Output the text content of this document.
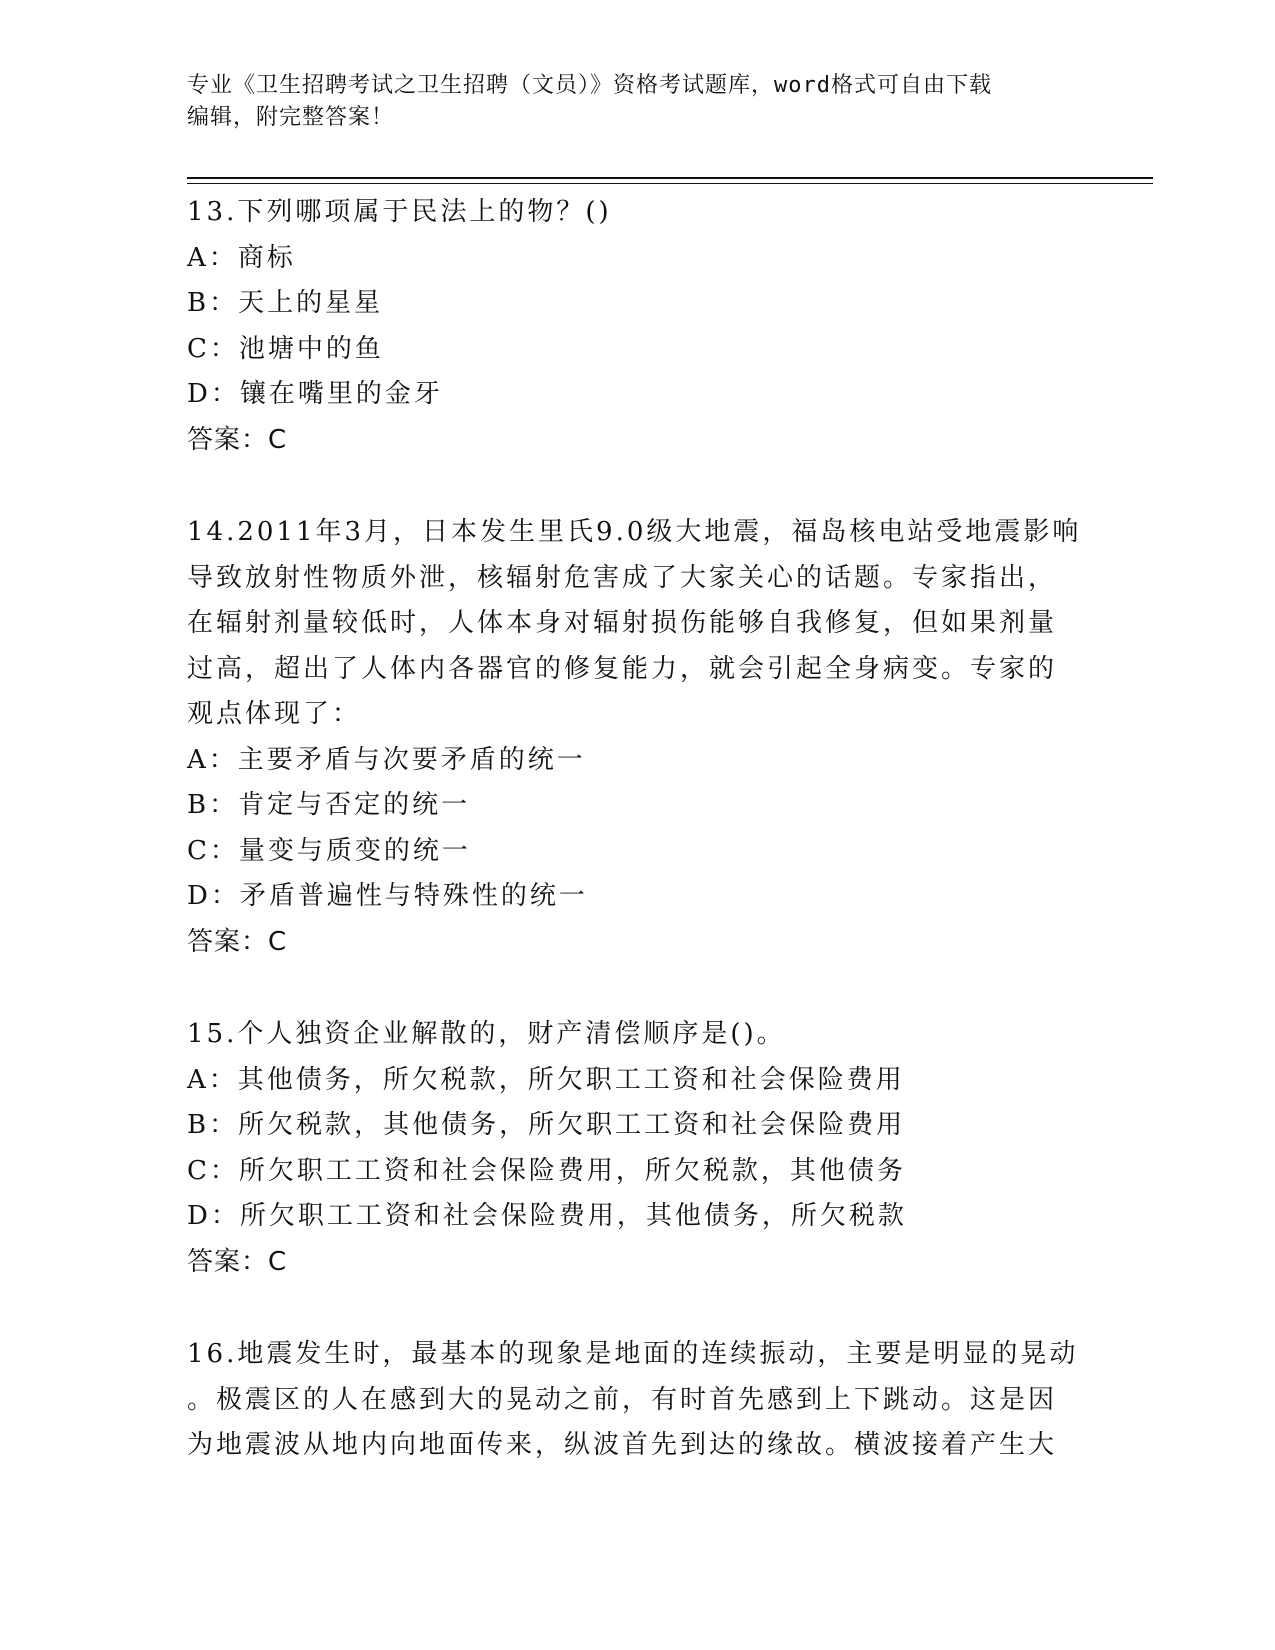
专业《卫生招聘考试之卫生招聘（文员）》资格考试题库，word格式可自由下载
编辑，附完整答案！
13.下列哪项属于民法上的物？()
A：商标
B：天上的星星
C：池塘中的鱼
D：镶在嘴里的金牙
答案：C
14.2011年3月，日本发生里氏9.0级大地震，福岛核电站受地震影响
导致放射性物质外泄，核辐射危害成了大家关心的话题。专家指出，
在辐射剂量较低时，人体本身对辐射损伤能够自我修复，但如果剂量
过高，超出了人体内各器官的修复能力，就会引起全身病变。专家的
观点体现了：
A：主要矛盾与次要矛盾的统一
B：肯定与否定的统一
C：量变与质变的统一
D：矛盾普遍性与特殊性的统一
答案：C
15.个人独资企业解散的，财产清偿顺序是()。
A：其他债务，所欠税款，所欠职工工资和社会保险费用
B：所欠税款，其他债务，所欠职工工资和社会保险费用
C：所欠职工工资和社会保险费用，所欠税款，其他债务
D：所欠职工工资和社会保险费用，其他债务，所欠税款
答案：C
16.地震发生时，最基本的现象是地面的连续振动，主要是明显的晃动
。极震区的人在感到大的晃动之前，有时首先感到上下跳动。这是因
为地震波从地内向地面传来，纵波首先到达的缘故。横波接着产生大
